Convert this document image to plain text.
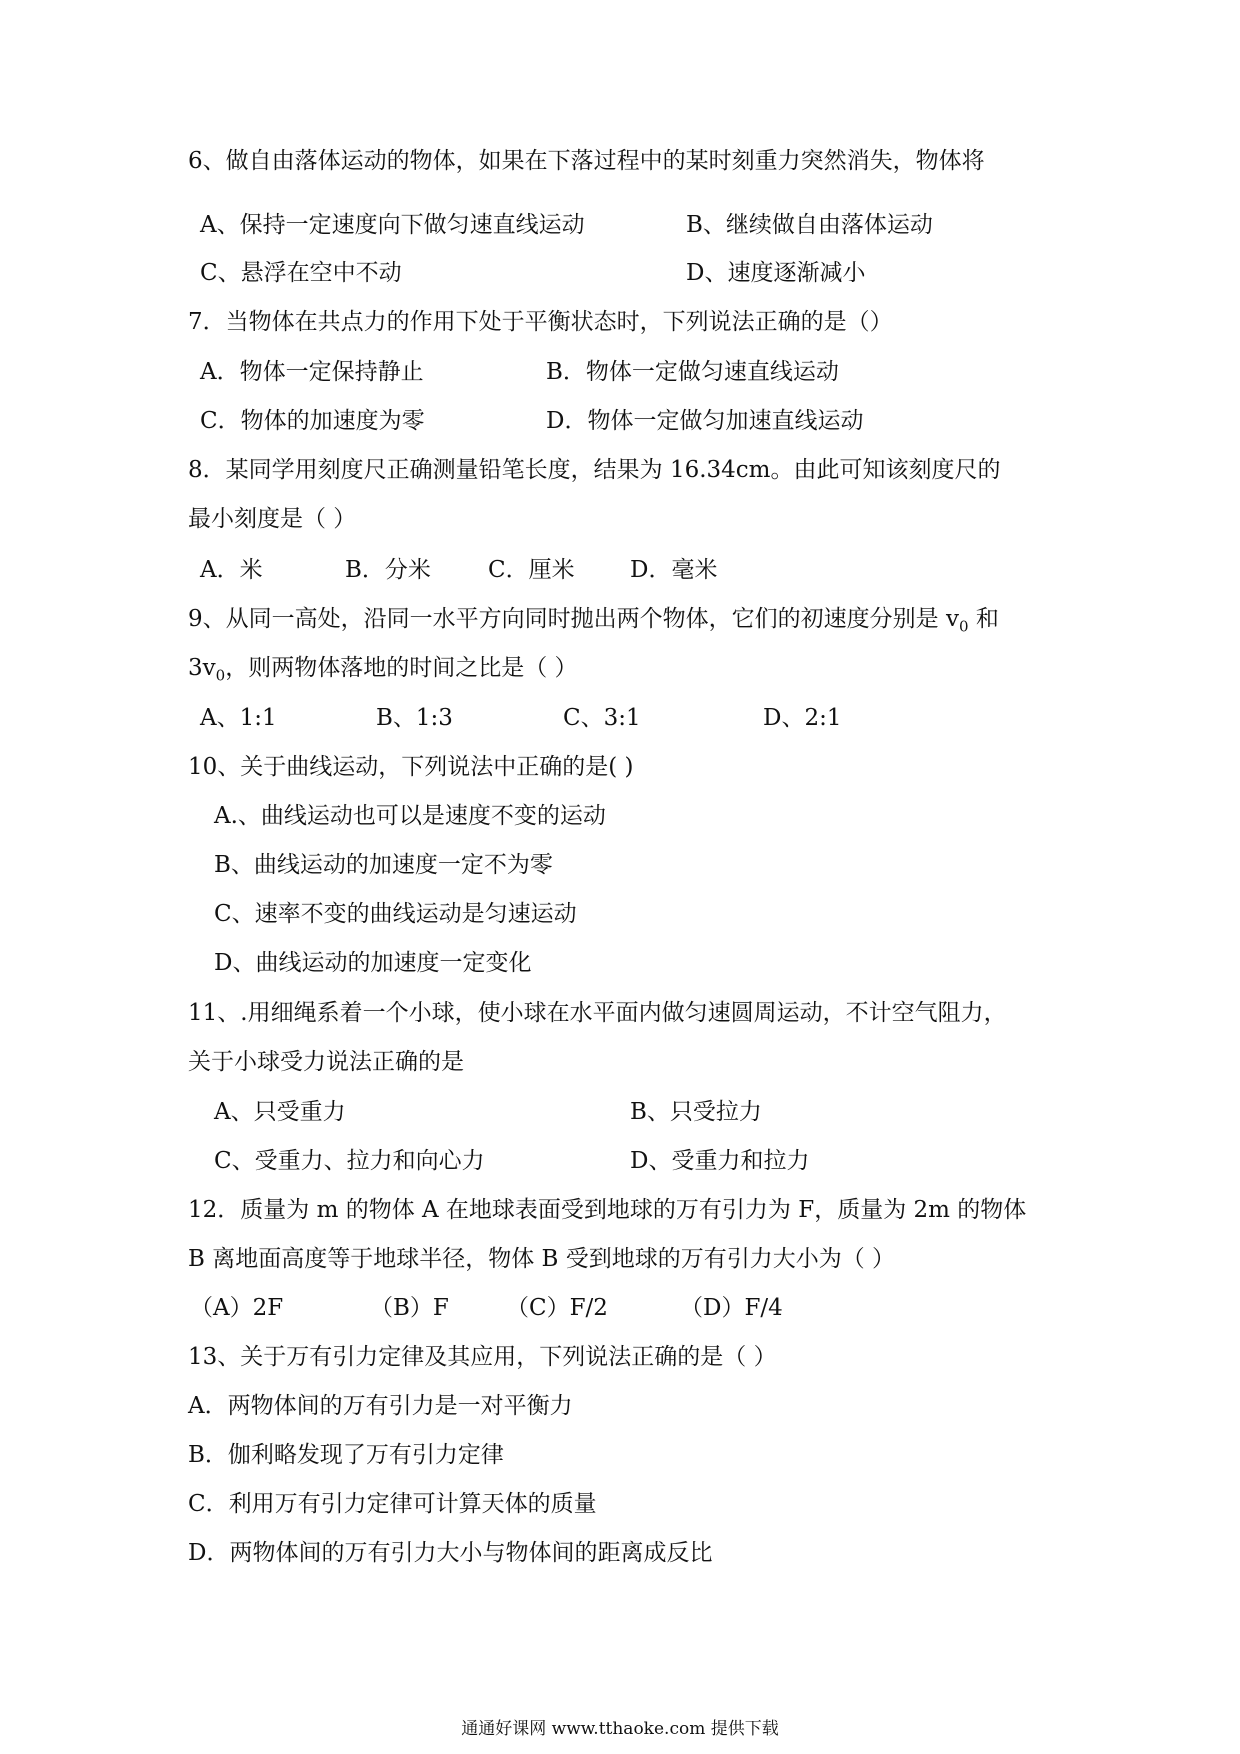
6、做自由落体运动的物体，如果在下落过程中的某时刻重力突然消失，物体将
A、保持一定速度向下做匀速直线运动	B、继续做自由落体运动
C、悬浮在空中不动	D、速度逐渐减小
7．当物体在共点力的作用下处于平衡状态时，下列说法正确的是（）
A．物体一定保持静止	B．物体一定做匀速直线运动
C．物体的加速度为零	D．物体一定做匀加速直线运动
8．某同学用刻度尺正确测量铅笔长度，结果为 16.34cm。由此可知该刻度尺的
最小刻度是（ ）
A．米	B．分米 C．厘米 D．毫米
9、从同一高处，沿同一水平方向同时抛出两个物体，它们的初速度分别是 $v_0$ 和
$3v_0$，则两物体落地的时间之比是（ ）
A、1:1	B、1:3	C、3:1	D、2:1
10、关于曲线运动，下列说法中正确的是( )
A.、曲线运动也可以是速度不变的运动
B、曲线运动的加速度一定不为零
C、速率不变的曲线运动是匀速运动
D、曲线运动的加速度一定变化
11、.用细绳系着一个小球，使小球在水平面内做匀速圆周运动，不计空气阻力，
关于小球受力说法正确的是
A、只受重力	B、只受拉力
C、受重力、拉力和向心力	D、受重力和拉力
12．质量为 m 的物体 A 在地球表面受到地球的万有引力为 F，质量为 2m 的物体
B 离地面高度等于地球半径，物体 B 受到地球的万有引力大小为（ ）
（A）2F	（B）F （C）F/2	（D）F/4
13、关于万有引力定律及其应用，下列说法正确的是（ ）
A．两物体间的万有引力是一对平衡力
B．伽利略发现了万有引力定律
C．利用万有引力定律可计算天体的质量
D．两物体间的万有引力大小与物体间的距离成反比
通通好课网 www.tthaoke.com 提供下载
